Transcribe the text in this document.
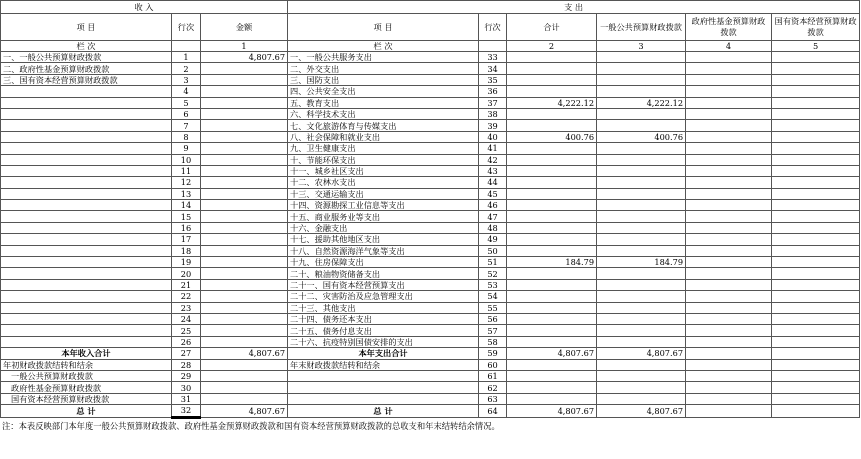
收 入			支 出					
项 目	行次	金额	项 目	行次	合计	一般公共预算财政拨款	政府性基金预算财政拨款	国有资本经营预算财政拨款
栏 次		1	栏 次		2	3	4	5
一、一般公共预算财政拨款	1	4,807.67	一、一般公共服务支出	33				
二、政府性基金预算财政拨款	2		二、外交支出	34				
三、国有资本经营预算财政拨款	3		三、国防支出	35				
	4		四、公共安全支出	36				
	5		五、教育支出	37	4,222.12	4,222.12		
	6		六、科学技术支出	38				
	7		七、文化旅游体育与传媒支出	39				
	8		八、社会保障和就业支出	40	400.76	400.76		
	9		九、卫生健康支出	41				
	10		十、节能环保支出	42				
	11		十一、城乡社区支出	43				
	12		十二、农林水支出	44				
	13		十三、交通运输支出	45				
	14		十四、资源勘探工业信息等支出	46				
	15		十五、商业服务业等支出	47				
	16		十六、金融支出	48				
	17		十七、援助其他地区支出	49				
	18		十八、自然资源海洋气象等支出	50				
	19		十九、住房保障支出	51	184.79	184.79		
	20		二十、粮油物资储备支出	52				
	21		二十一、国有资本经营预算支出	53				
	22		二十二、灾害防治及应急管理支出	54				
	23		二十三、其他支出	55				
	24		二十四、债务还本支出	56				
	25		二十五、债务付息支出	57				
	26		二十六、抗疫特别国债安排的支出	58				
本年收入合计	27	4,807.67	本年支出合计	59	4,807.67	4,807.67		
年初财政拨款结转和结余	28		年末财政拨款结转和结余	60				
一般公共预算财政拨款	29			61				
政府性基金预算财政拨款	30			62				
国有资本经营预算财政拨款	31			63				
总 计	32	4,807.67	总 计	64	4,807.67	4,807.67		
注：本表反映部门本年度一般公共预算财政拨款、政府性基金预算财政拨款和国有资本经营预算财政拨款的总收支和年末结转结余情况。
